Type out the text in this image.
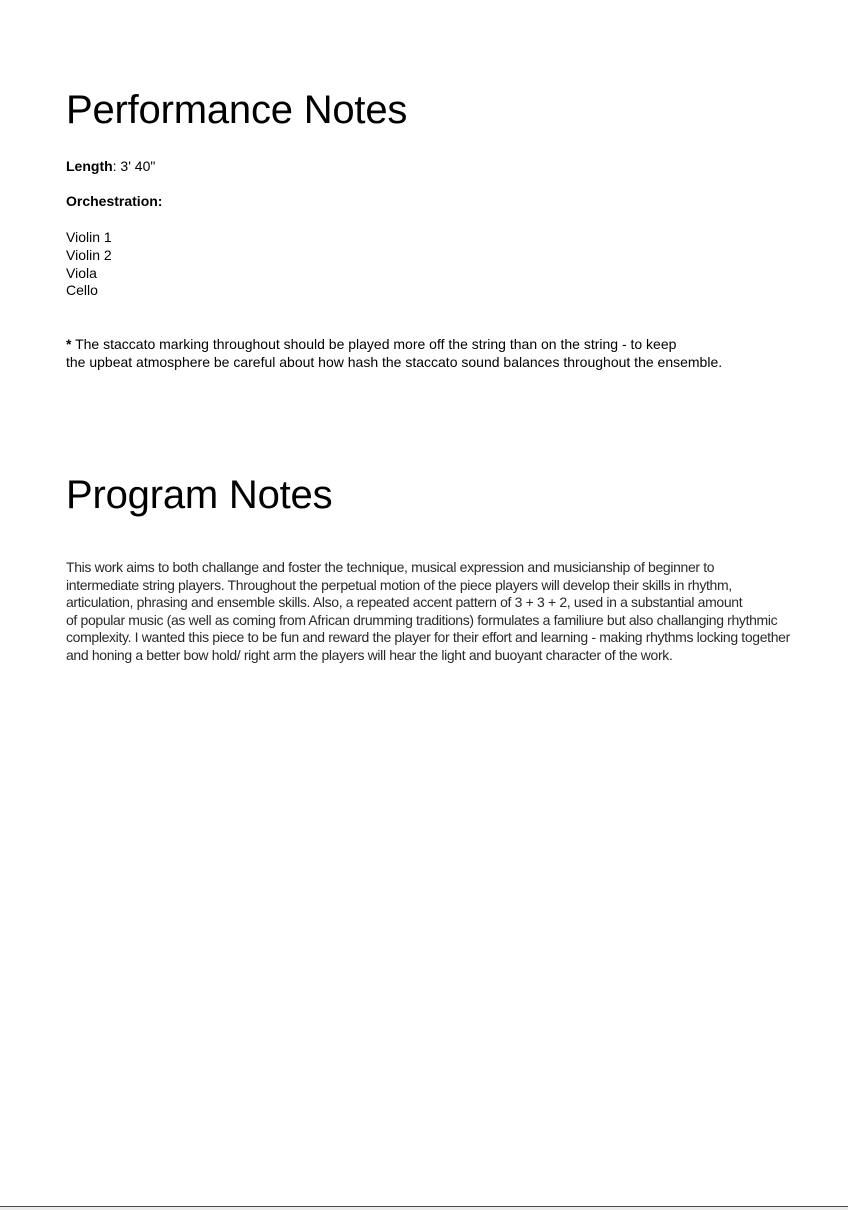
Performance Notes
Length: 3' 40"
Orchestration:
Violin 1
Violin 2
Viola
Cello
* The staccato marking throughout should be played more off the string than on the string - to keep
the upbeat atmosphere be careful about how hash the staccato sound balances throughout the ensemble.
Program Notes
This work aims to both challange and foster the technique, musical expression and musicianship of beginner to
intermediate string players. Throughout the perpetual motion of the piece players will develop their skills in rhythm,
articulation, phrasing and ensemble skills. Also, a repeated accent pattern of 3 + 3 + 2, used in a substantial amount
of popular music (as well as coming from African drumming traditions) formulates a familiure but also challanging rhythmic
complexity. I wanted this piece to be fun and reward the player for their effort and learning - making rhythms locking together
and honing a better bow hold/ right arm the players will hear the light and buoyant character of the work.
